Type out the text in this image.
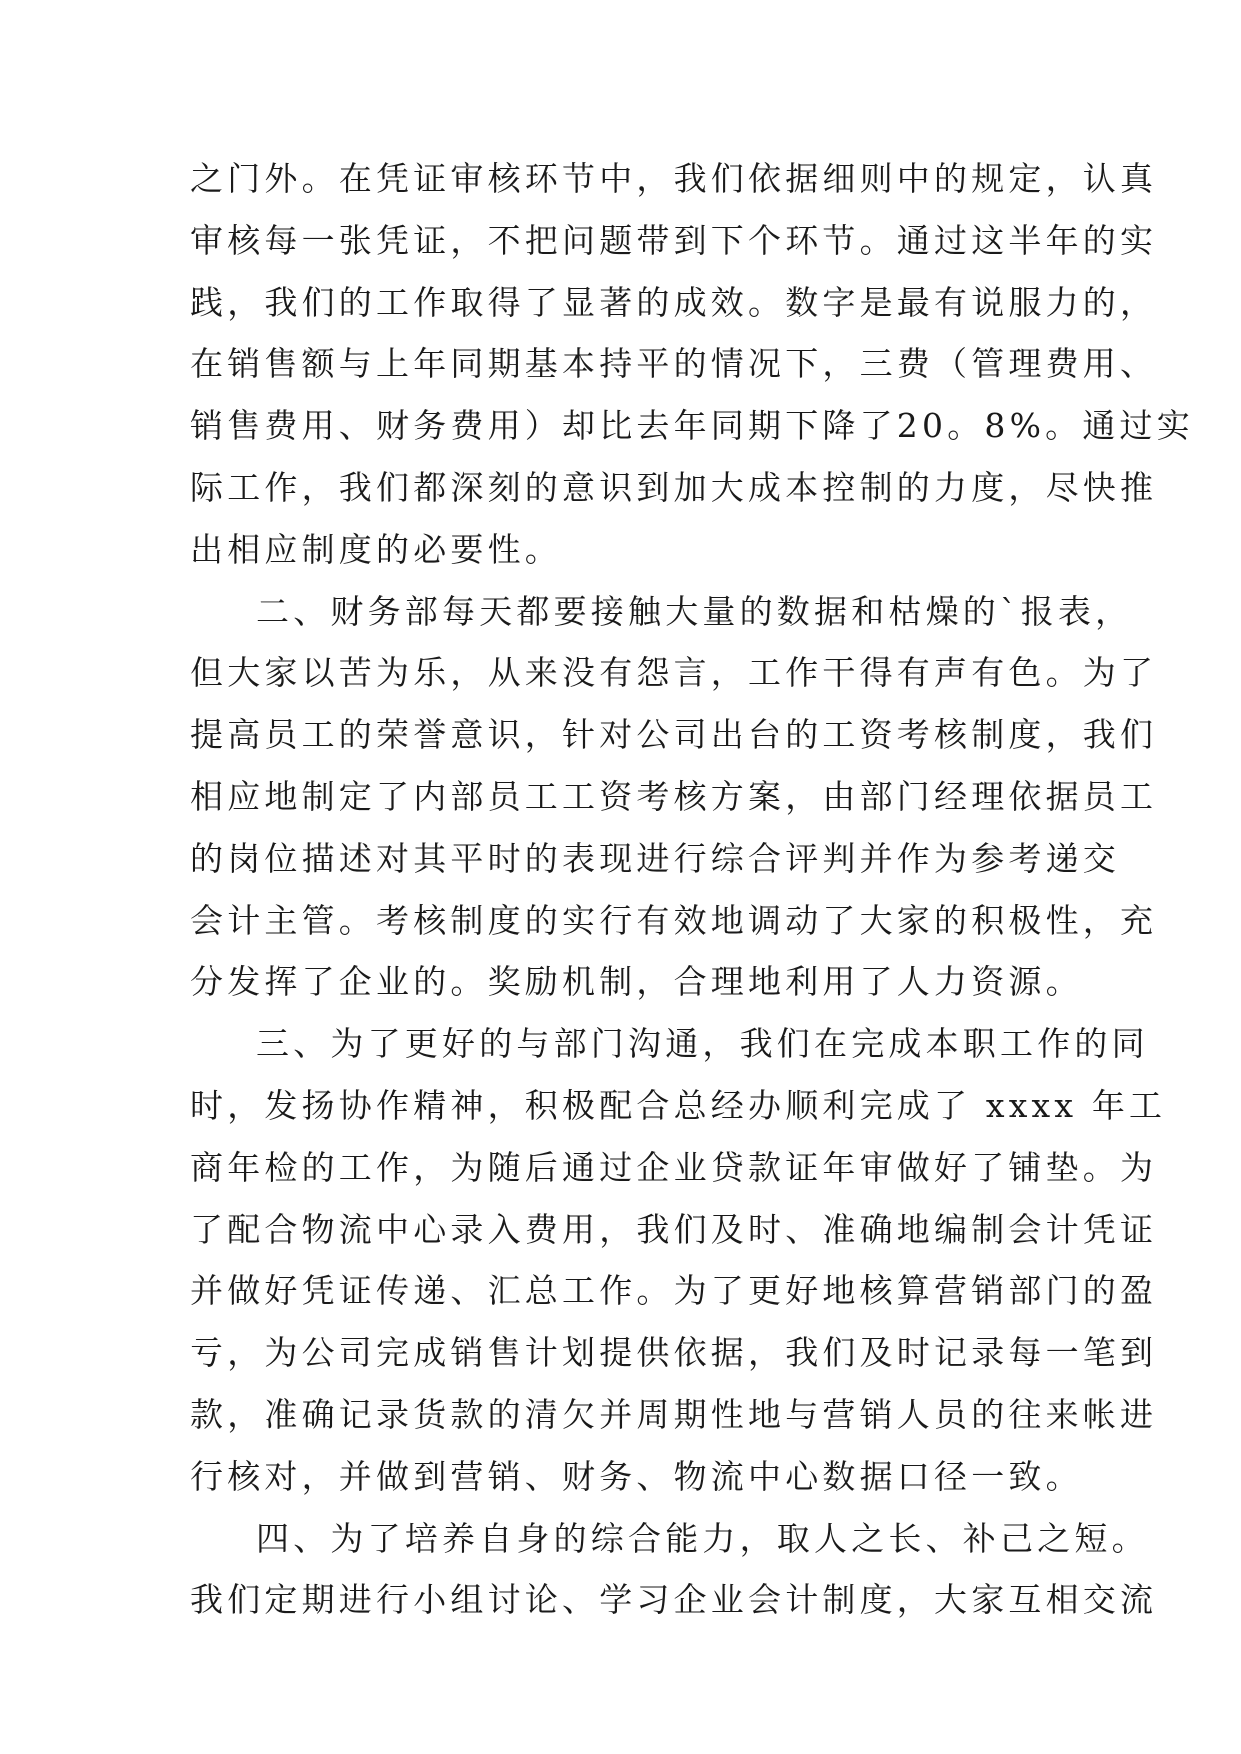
之门外。在凭证审核环节中，我们依据细则中的规定，认真
审核每一张凭证，不把问题带到下个环节。通过这半年的实
践，我们的工作取得了显著的成效。数字是最有说服力的，
在销售额与上年同期基本持平的情况下，三费（管理费用、
销售费用、财务费用）却比去年同期下降了20。8%。通过实
际工作，我们都深刻的意识到加大成本控制的力度，尽快推
出相应制度的必要性。
二、财务部每天都要接触大量的数据和枯燥的`报表，
但大家以苦为乐，从来没有怨言，工作干得有声有色。为了
提高员工的荣誉意识，针对公司出台的工资考核制度，我们
相应地制定了内部员工工资考核方案，由部门经理依据员工
的岗位描述对其平时的表现进行综合评判并作为参考递交
会计主管。考核制度的实行有效地调动了大家的积极性，充
分发挥了企业的。奖励机制，合理地利用了人力资源。
三、为了更好的与部门沟通，我们在完成本职工作的同
时，发扬协作精神，积极配合总经办顺利完成了 xxxx 年工
商年检的工作，为随后通过企业贷款证年审做好了铺垫。为
了配合物流中心录入费用，我们及时、准确地编制会计凭证
并做好凭证传递、汇总工作。为了更好地核算营销部门的盈
亏，为公司完成销售计划提供依据，我们及时记录每一笔到
款，准确记录货款的清欠并周期性地与营销人员的往来帐进
行核对，并做到营销、财务、物流中心数据口径一致。
四、为了培养自身的综合能力，取人之长、补己之短。
我们定期进行小组讨论、学习企业会计制度，大家互相交流
